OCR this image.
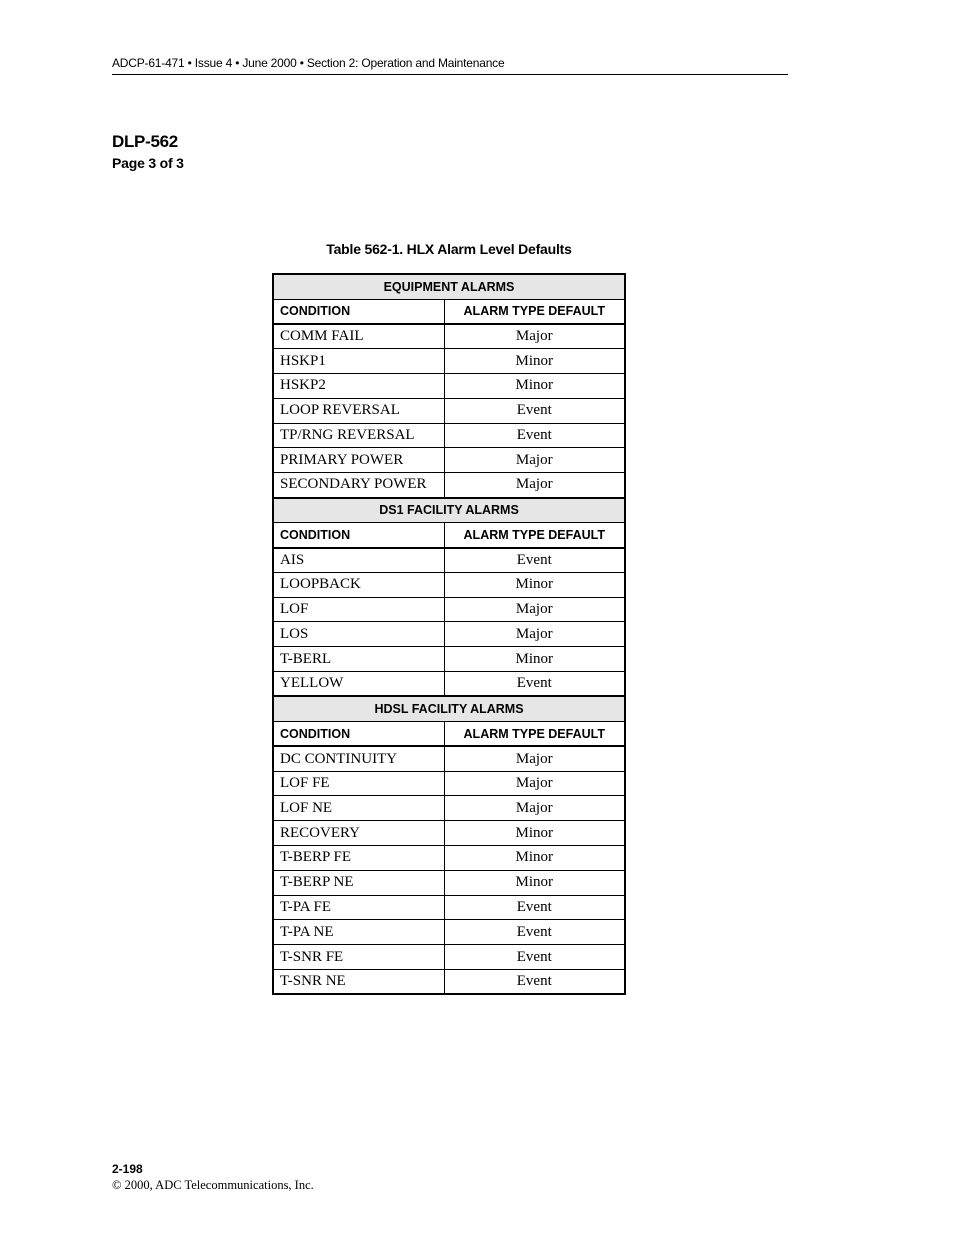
ADCP-61-471 • Issue 4 • June 2000 • Section 2: Operation and Maintenance
DLP-562
Page 3 of 3
Table 562-1. HLX Alarm Level Defaults
EQUIPMENT ALARMS	
CONDITION	ALARM TYPE DEFAULT
COMM FAIL	Major
HSKP1	Minor
HSKP2	Minor
LOOP REVERSAL	Event
TP/RNG REVERSAL	Event
PRIMARY POWER	Major
SECONDARY POWER	Major
DS1 FACILITY ALARMS	
CONDITION	ALARM TYPE DEFAULT
AIS	Event
LOOPBACK	Minor
LOF	Major
LOS	Major
T-BERL	Minor
YELLOW	Event
HDSL FACILITY ALARMS	
CONDITION	ALARM TYPE DEFAULT
DC CONTINUITY	Major
LOF FE	Major
LOF NE	Major
RECOVERY	Minor
T-BERP FE	Minor
T-BERP NE	Minor
T-PA FE	Event
T-PA NE	Event
T-SNR FE	Event
T-SNR NE	Event
2-198
© 2000, ADC Telecommunications, Inc.
